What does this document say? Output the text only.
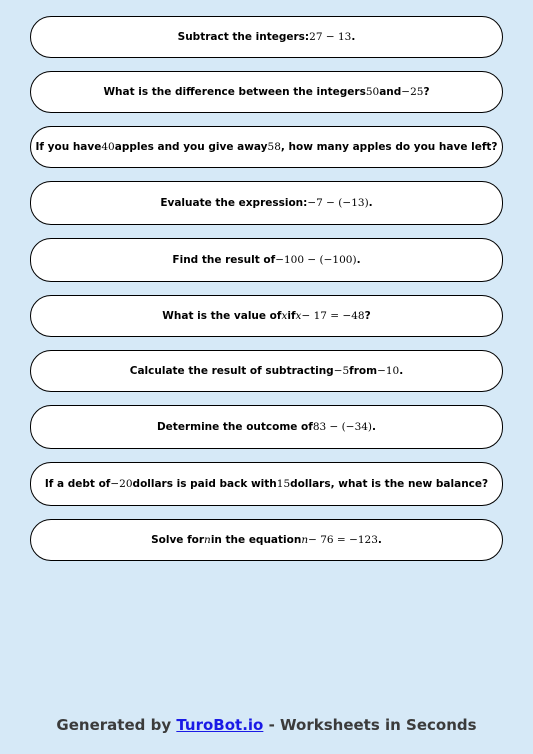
Subtract the integers: 27 − 13 .
What is the difference between the integers 50 and −25 ?
If you have 40 apples and you give away 58 , how many apples do you have left?
Evaluate the expression: −7 − (−13) .
Find the result of −100 − (−100) .
What is the value of x if x − 17 = −48 ?
Calculate the result of subtracting −5 from −10 .
Determine the outcome of 83 − (−34) .
If a debt of −20 dollars is paid back with 15 dollars, what is the new balance?
Solve for n in the equation n − 76 = −123 .
Generated by TuroBot.io - Worksheets in Seconds
